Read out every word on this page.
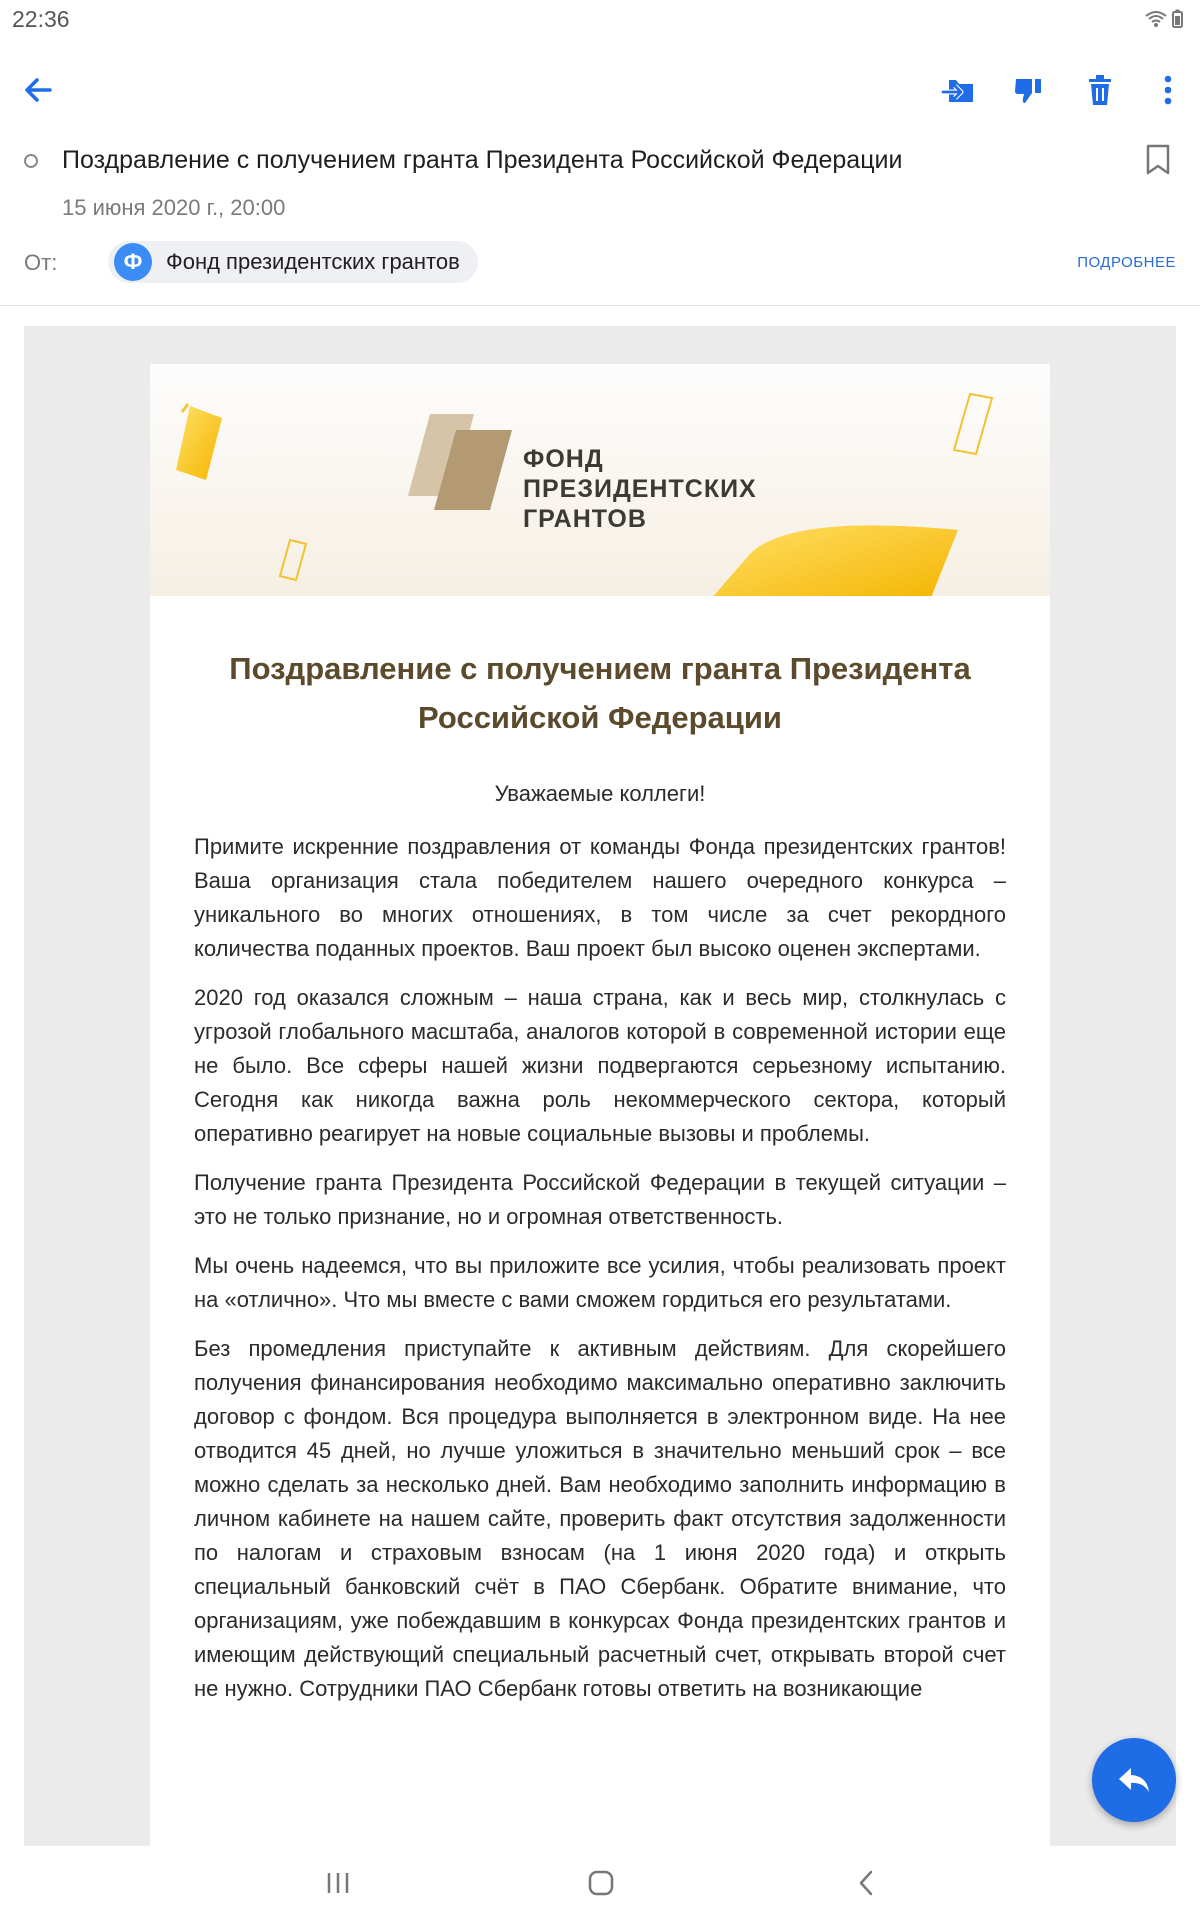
22:36
Поздравление с получением гранта Президента Российской Федерации
15 июня 2020 г., 20:00
От:	Ф	Фонд президентских грантов	ПОДРОБНЕЕ
ФОНД
ПРЕЗИДЕНТСКИХ
ГРАНТОВ
Поздравление с получением гранта Президента Российской Федерации
Уважаемые коллеги!

Примите искренние поздравления от команды Фонда президентских грантов! Ваша организация стала победителем нашего очередного конкурса – уникального во многих отношениях, в том числе за счет рекордного количества поданных проектов. Ваш проект был высоко оценен экспертами.

2020 год оказался сложным – наша страна, как и весь мир, столкнулась с угрозой глобального масштаба, аналогов которой в современной истории еще не было. Все сферы нашей жизни подвергаются серьезному испытанию. Сегодня как никогда важна роль некоммерческого сектора, который оперативно реагирует на новые социальные вызовы и проблемы.

Получение гранта Президента Российской Федерации в текущей ситуации – это не только признание, но и огромная ответственность.

Мы очень надеемся, что вы приложите все усилия, чтобы реализовать проект на «отлично». Что мы вместе с вами сможем гордиться его результатами.

Без промедления приступайте к активным действиям. Для скорейшего получения финансирования необходимо максимально оперативно заключить договор с фондом. Вся процедура выполняется в электронном виде. На нее отводится 45 дней, но лучше уложиться в значительно меньший срок – все можно сделать за несколько дней. Вам необходимо заполнить информацию в личном кабинете на нашем сайте, проверить факт отсутствия задолженности по налогам и страховым взносам (на 1 июня 2020 года) и открыть специальный банковский счёт в ПАО Сбербанк. Обратите внимание, что организациям, уже побеждавшим в конкурсах Фонда президентских грантов и имеющим действующий специальный расчетный счет, открывать второй счет не нужно. Сотрудники ПАО Сбербанк готовы ответить на возникающие
